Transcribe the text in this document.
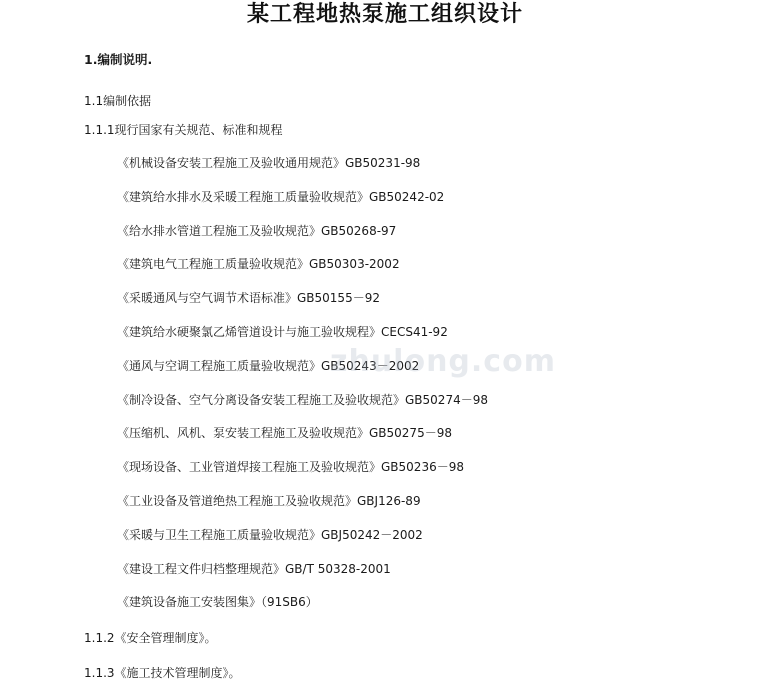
某工程地热泵施工组织设计
1.编制说明.
1.1编制依据
1.1.1现行国家有关规范、标准和规程
《机械设备安装工程施工及验收通用规范》GB50231-98
《建筑给水排水及采暖工程施工质量验收规范》GB50242-02
《给水排水管道工程施工及验收规范》GB50268-97
《建筑电气工程施工质量验收规范》GB50303-2002
《采暖通风与空气调节术语标准》GB50155－92
《建筑给水硬聚氯乙烯管道设计与施工验收规程》CECS41-92
《通风与空调工程施工质量验收规范》GB50243－2002
《制冷设备、空气分离设备安装工程施工及验收规范》GB50274－98
《压缩机、风机、泵安装工程施工及验收规范》GB50275－98
《现场设备、工业管道焊接工程施工及验收规范》GB50236－98
《工业设备及管道绝热工程施工及验收规范》GBJ126-89
《采暖与卫生工程施工质量验收规范》GBJ50242－2002
《建设工程文件归档整理规范》GB/T 50328-2001
《建筑设备施工安装图集》（91SB6）
1.1.2《安全管理制度》。
1.1.3《施工技术管理制度》。
zhulong.com
